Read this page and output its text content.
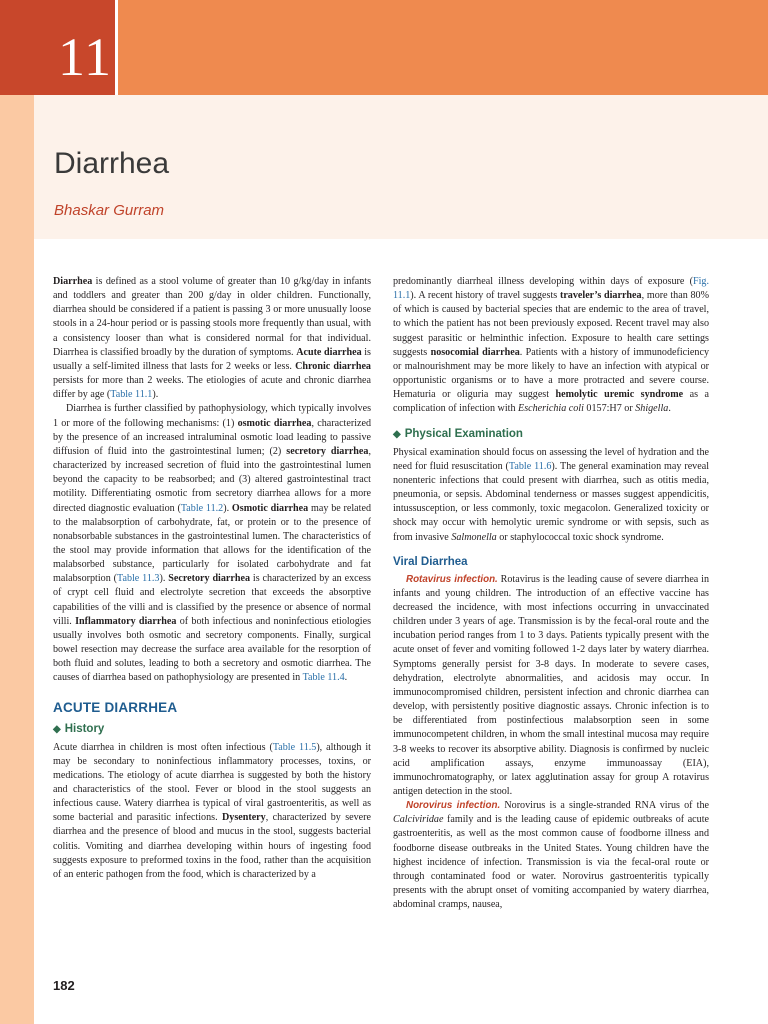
11
Diarrhea
Bhaskar Gurram

Diarrhea is defined as a stool volume of greater than 10 g/kg/day in infants and toddlers and greater than 200 g/day in older children. Functionally, diarrhea should be considered if a patient is passing 3 or more unusually loose stools in a 24-hour period or is passing stools more frequently than usual, with a consistency looser than what is considered normal for that individual. Diarrhea is classified broadly by the duration of symptoms. Acute diarrhea is usually a self-limited illness that lasts for 2 weeks or less. Chronic diarrhea persists for more than 2 weeks. The etiologies of acute and chronic diarrhea differ by age (Table 11.1).

Diarrhea is further classified by pathophysiology, which typically involves 1 or more of the following mechanisms: (1) osmotic diarrhea, characterized by the presence of an increased intraluminal osmotic load leading to passive diffusion of fluid into the gastrointestinal lumen; (2) secretory diarrhea, characterized by increased secretion of fluid into the gastrointestinal lumen beyond the capacity to be reabsorbed; and (3) altered gastrointestinal tract motility. Differentiating osmotic from secretory diarrhea allows for a more directed diagnostic evaluation (Table 11.2). Osmotic diarrhea may be related to the malabsorption of carbohydrate, fat, or protein or to the presence of nonabsorbable substances in the gastrointestinal lumen. The characteristics of the stool may provide information that allows for the identification of the malabsorbed substance, particularly for isolated carbohydrate and fat malabsorption (Table 11.3). Secretory diarrhea is characterized by an excess of crypt cell fluid and electrolyte secretion that exceeds the absorptive capabilities of the villi and is classified by the presence or absence of normal villi. Inflammatory diarrhea of both infectious and noninfectious etiologies usually involves both osmotic and secretory components. Finally, surgical bowel resection may decrease the surface area available for the resorption of both fluid and solutes, leading to both a secretory and osmotic diarrhea. The causes of diarrhea based on pathophysiology are presented in Table 11.4.

ACUTE DIARRHEA
◆ History

Acute diarrhea in children is most often infectious (Table 11.5), although it may be secondary to noninfectious inflammatory processes, toxins, or medications. The etiology of acute diarrhea is suggested by both the history and characteristics of the stool. Fever or blood in the stool suggests an infectious cause. Watery diarrhea is typical of viral gastroenteritis, as well as some bacterial and parasitic infections. Dysentery, characterized by severe diarrhea and the presence of blood and mucus in the stool, suggests bacterial colitis. Vomiting and diarrhea developing within hours of ingesting food suggests exposure to preformed toxins in the food, rather than the acquisition of an enteric pathogen from the food, which is characterized by a

predominantly diarrheal illness developing within days of exposure (Fig. 11.1). A recent history of travel suggests traveler’s diarrhea, more than 80% of which is caused by bacterial species that are endemic to the area of travel, to which the patient has not been previously exposed. Recent travel may also suggest parasitic or helminthic infection. Exposure to health care settings suggests nosocomial diarrhea. Patients with a history of immunodeficiency or malnourishment may be more likely to have an infection with atypical or opportunistic organisms or to have a more protracted and severe course. Hematuria or oliguria may suggest hemolytic uremic syndrome as a complication of infection with Escherichia coli 0157:H7 or Shigella.

◆ Physical Examination

Physical examination should focus on assessing the level of hydration and the need for fluid resuscitation (Table 11.6). The general examination may reveal nonenteric infections that could present with diarrhea, such as otitis media, pneumonia, or sepsis. Abdominal tenderness or masses suggest appendicitis, intussusception, or less commonly, toxic megacolon. Generalized toxicity or shock may occur with hemolytic uremic syndrome or with sepsis, such as from invasive Salmonella or staphylococcal toxic shock syndrome.

Viral Diarrhea

Rotavirus infection. Rotavirus is the leading cause of severe diarrhea in infants and young children. The introduction of an effective vaccine has decreased the incidence, with most infections occurring in unvaccinated children under 3 years of age. Transmission is by the fecal-oral route and the incubation period ranges from 1 to 3 days. Patients typically present with the acute onset of fever and vomiting followed 1-2 days later by watery diarrhea. Symptoms generally persist for 3-8 days. In moderate to severe cases, dehydration, electrolyte abnormalities, and acidosis may occur. In immunocompromised children, persistent infection and chronic diarrhea can develop, with persistently positive diagnostic assays. Chronic infection is to be differentiated from postinfectious malabsorption seen in some immunocompetent children, in whom the small intestinal mucosa may require 3-8 weeks to recover its absorptive ability. Diagnosis is confirmed by nucleic acid amplification assays, enzyme immunoassay (EIA), immunochromatography, or latex agglutination assay for group A rotavirus antigen detection in the stool.

Norovirus infection. Norovirus is a single-stranded RNA virus of the Calciviridae family and is the leading cause of epidemic outbreaks of acute gastroenteritis, as well as the most common cause of foodborne illness and foodborne disease outbreaks in the United States. Young children have the highest incidence of infection. Transmission is via the fecal-oral route or through contaminated food or water. Norovirus gastroenteritis typically presents with the abrupt onset of vomiting accompanied by watery diarrhea, abdominal cramps, nausea,

182
